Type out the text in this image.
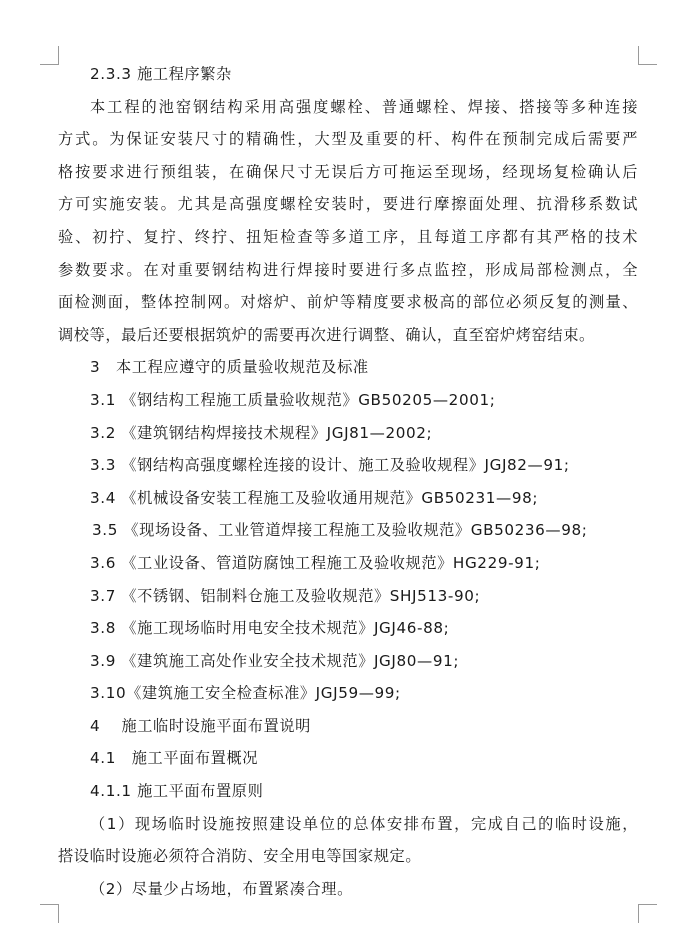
2.3.3 施工程序繁杂
本工程的池窑钢结构采用高强度螺栓、普通螺栓、焊接、搭接等多种连接
方式。为保证安装尺寸的精确性，大型及重要的杆、构件在预制完成后需要严
格按要求进行预组装，在确保尺寸无误后方可拖运至现场，经现场复检确认后
方可实施安装。尤其是高强度螺栓安装时，要进行摩擦面处理、抗滑移系数试
验、初拧、复拧、终拧、扭矩检查等多道工序，且每道工序都有其严格的技术
参数要求。在对重要钢结构进行焊接时要进行多点监控，形成局部检测点，全
面检测面，整体控制网。对熔炉、前炉等精度要求极高的部位必须反复的测量、
调校等，最后还要根据筑炉的需要再次进行调整、确认，直至窑炉烤窑结束。
3　本工程应遵守的质量验收规范及标准
3.1 《钢结构工程施工质量验收规范》GB50205—2001;
3.2 《建筑钢结构焊接技术规程》JGJ81—2002;
3.3 《钢结构高强度螺栓连接的设计、施工及验收规程》JGJ82—91;
3.4 《机械设备安装工程施工及验收通用规范》GB50231—98;
3.5 《现场设备、工业管道焊接工程施工及验收规范》GB50236—98;
3.6 《工业设备、管道防腐蚀工程施工及验收规范》HG229-91;
3.7 《不锈钢、铝制料仓施工及验收规范》SHJ513-90;
3.8 《施工现场临时用电安全技术规范》JGJ46-88;
3.9 《建筑施工高处作业安全技术规范》JGJ80—91;
3.10《建筑施工安全检查标准》JGJ59—99;
4　 施工临时设施平面布置说明
4.1　施工平面布置概况
4.1.1 施工平面布置原则
（1）现场临时设施按照建设单位的总体安排布置，完成自己的临时设施，
搭设临时设施必须符合消防、安全用电等国家规定。
（2）尽量少占场地，布置紧凑合理。
